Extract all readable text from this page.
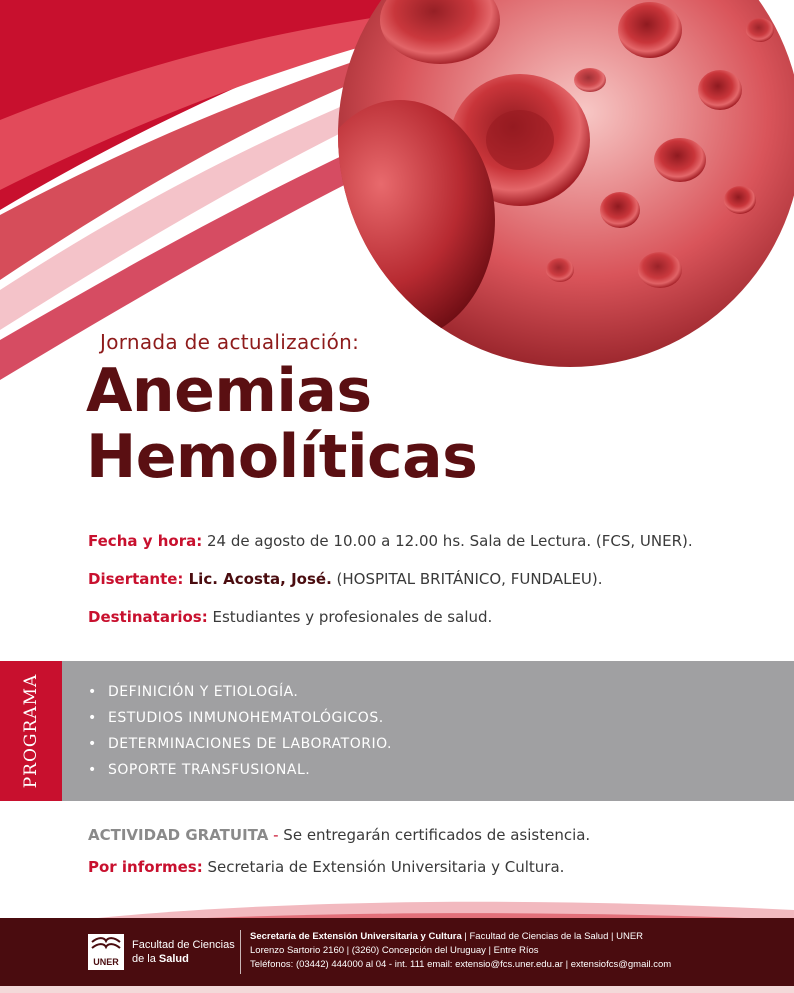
Jornada de actualización:
Anemias
Hemolíticas
Fecha y hora: 24 de agosto de 10.00 a 12.00 hs. Sala de Lectura. (FCS, UNER).
Disertante: Lic. Acosta, José. (HOSPITAL BRITÁNICO, FUNDALEU).
Destinatarios: Estudiantes y profesionales de salud.
PROGRAMA	• DEFINICIÓN Y ETIOLOGÍA.
• ESTUDIOS INMUNOHEMATOLÓGICOS.
• DETERMINACIONES DE LABORATORIO.
• SOPORTE TRANSFUSIONAL.
ACTIVIDAD GRATUITA - Se entregarán certificados de asistencia.
Por informes: Secretaria de Extensión Universitaria y Cultura.
UNER
Facultad de Ciencias
de la Salud
Secretaría de Extensión Universitaria y Cultura | Facultad de Ciencias de la Salud | UNER
Lorenzo Sartorio 2160 | (3260) Concepción del Uruguay | Entre Ríos
Teléfonos: (03442) 444000 al 04 - int. 111 email: extensio@fcs.uner.edu.ar | extensiofcs@gmail.com
